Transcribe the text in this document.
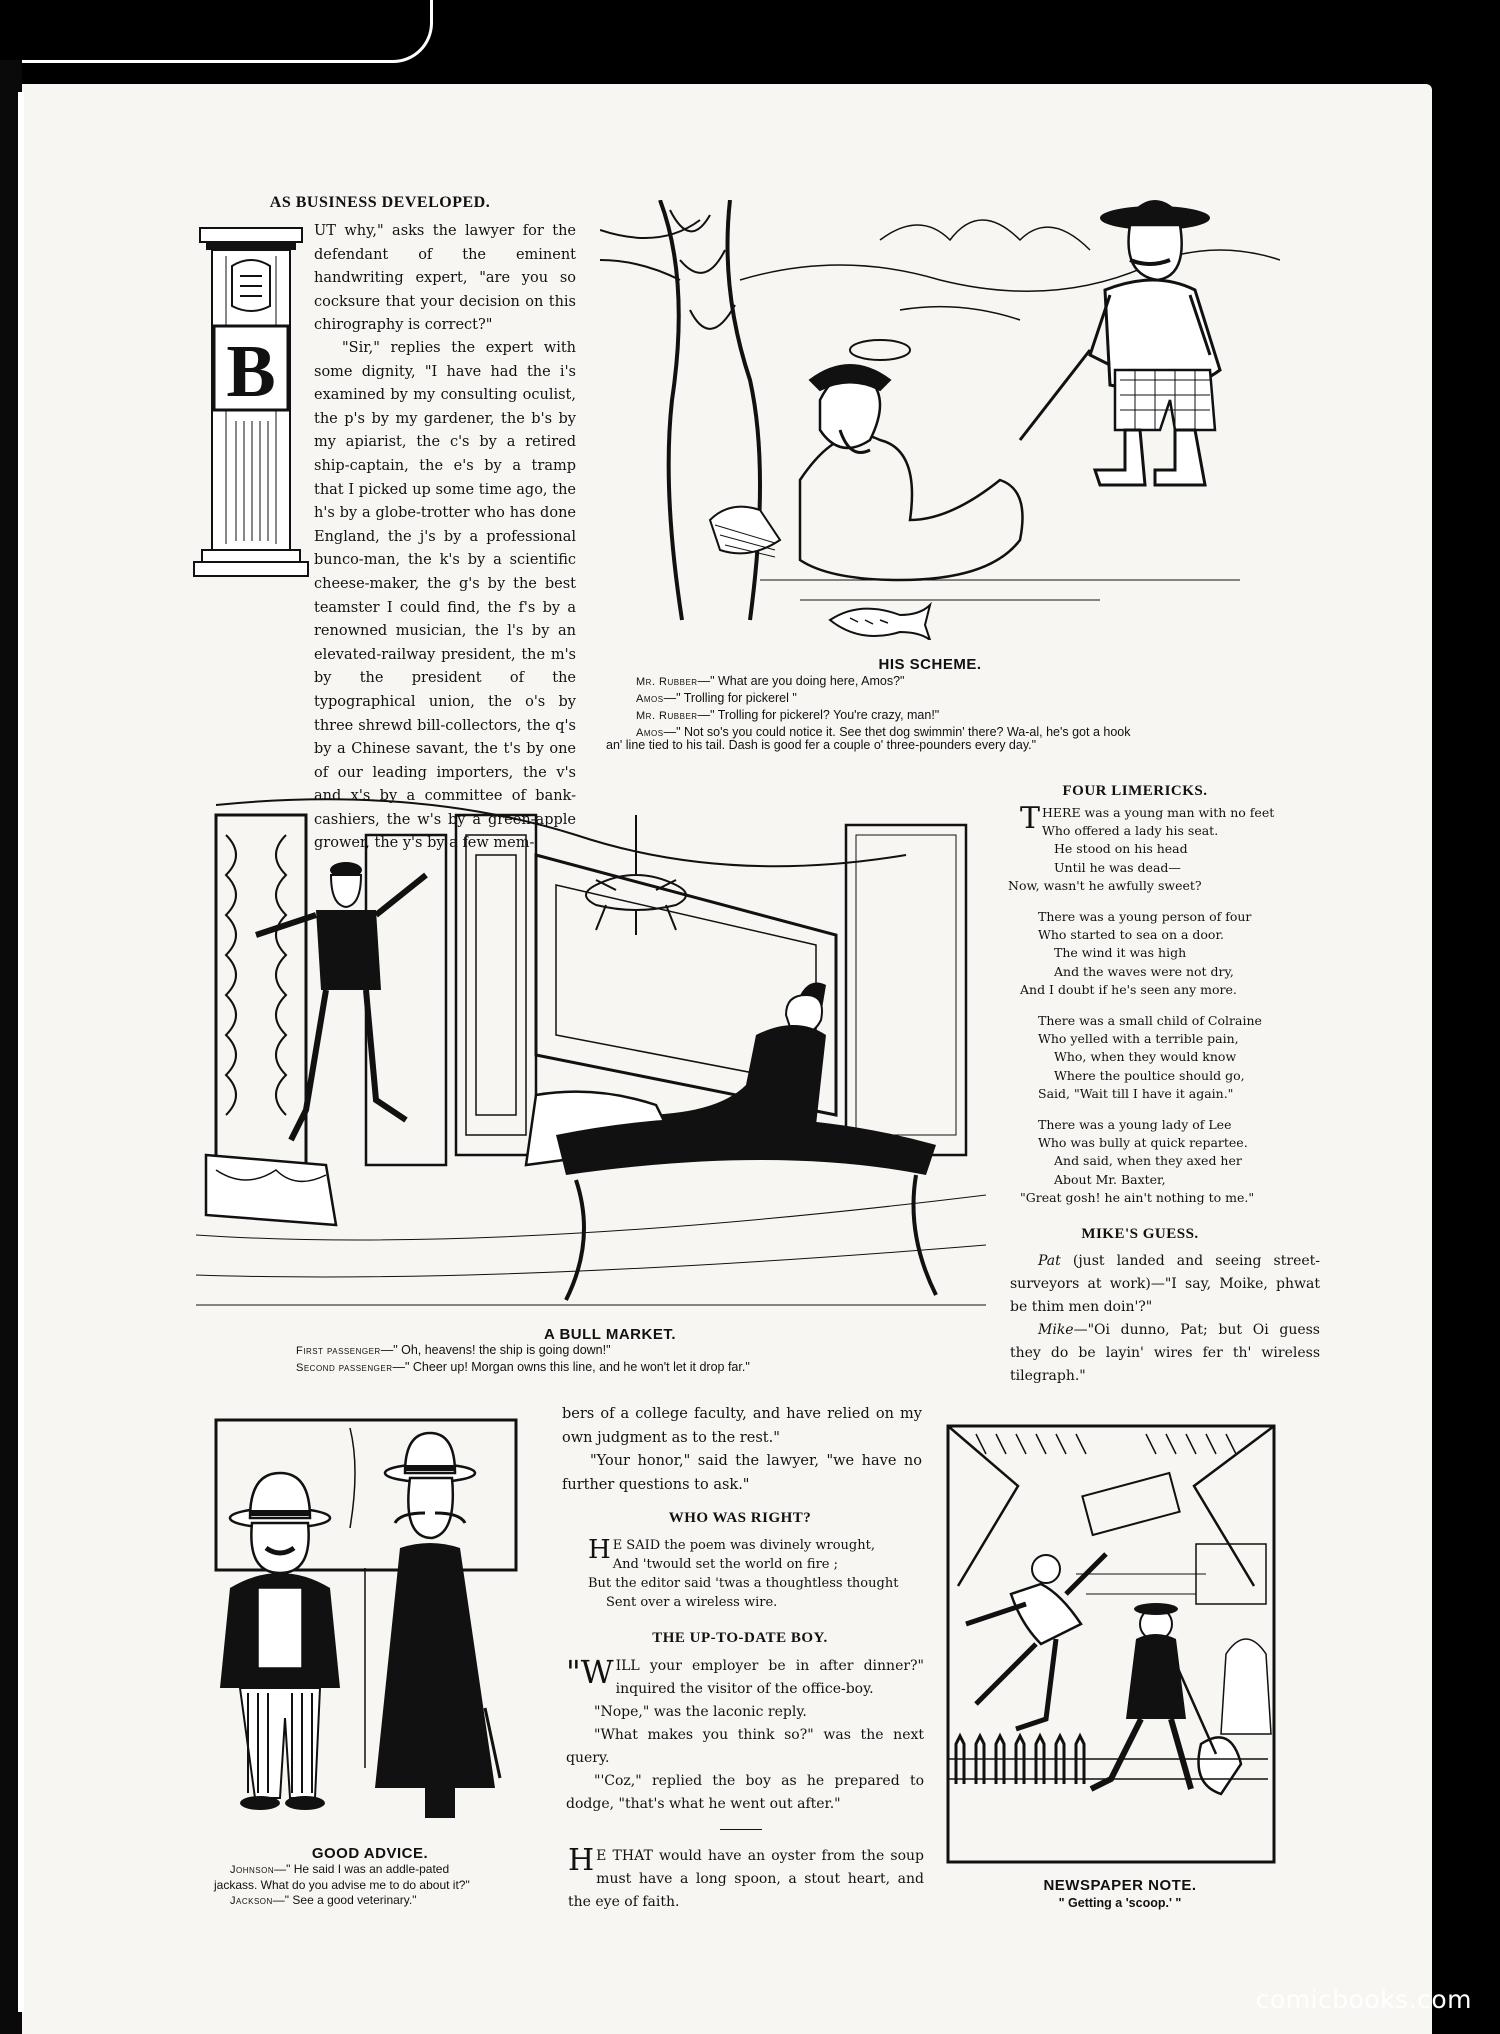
AS BUSINESS DEVELOPED.
B

UT why," asks the lawyer for the defendant of the eminent handwriting expert, "are you so cocksure that your decision on this chirography is correct?"

"Sir," replies the expert with some dignity, "I have had the i's examined by my consulting oculist, the p's by my gardener, the b's by my apiarist, the c's by a retired ship-captain, the e's by a tramp that I picked up some time ago, the h's by a globe-trotter who has done England, the j's by a professional bunco-man, the k's by a scientific cheese-maker, the g's by the best teamster I could find, the f's by a renowned musician, the l's by an elevated-railway president, the m's by the president of the typographical union, the o's by three shrewd bill-collectors, the q's by a Chinese savant, the t's by one of our leading importers, the v's and x's by a committee of bank-cashiers, the w's by a green-apple grower, the y's by a few mem-

HIS SCHEME.
Mr. Rubber—" What are you doing here, Amos?"
Amos—" Trolling for pickerel "
Mr. Rubber—" Trolling for pickerel? You're crazy, man!"
Amos—" Not so's you could notice it. See thet dog swimmin' there? Wa-al, he's got a hook
an' line tied to his tail. Dash is good fer a couple o' three-pounders every day."
A BULL MARKET.
First passenger—" Oh, heavens! the ship is going down!"
Second passenger—" Cheer up! Morgan owns this line, and he won't let it drop far."
FOUR LIMERICKS.

THERE was a young man with no feet

Who offered a lady his seat.

He stood on his head

Until he was dead—

Now, wasn't he awfully sweet?

There was a young person of four

Who started to sea on a door.

The wind it was high

And the waves were not dry,

And I doubt if he's seen any more.

There was a small child of Colraine

Who yelled with a terrible pain,

Who, when they would know

Where the poultice should go,

Said, "Wait till I have it again."

There was a young lady of Lee

Who was bully at quick repartee.

And said, when they axed her

About Mr. Baxter,

"Great gosh! he ain't nothing to me."

MIKE'S GUESS.

Pat (just landed and seeing street-surveyors at work)—"I say, Moike, phwat be thim men doin'?"

Mike—"Oi dunno, Pat; but Oi guess they do be layin' wires fer th' wireless tilegraph."

GOOD ADVICE.
Johnson—" He said I was an addle-pated
jackass. What do you advise me to do about it?"
Jackson—" See a good veterinary."

bers of a college faculty, and have relied on my own judgment as to the rest."

"Your honor," said the lawyer, "we have no further questions to ask."

WHO WAS RIGHT?

H E SAID the poem was divinely wrought,

And 'twould set the world on fire ;

But the editor said 'twas a thoughtless thought

Sent over a wireless wire.

THE UP-TO-DATE BOY.

"WILL your employer be in after dinner?" inquired the visitor of the office-boy.

"Nope," was the laconic reply.

"What makes you think so?" was the next query.

"'Coz," replied the boy as he prepared to dodge, "that's what he went out after."

H E THAT would have an oyster from the soup must have a long spoon, a stout heart, and the eye of faith.

NEWSPAPER NOTE.
" Getting a 'scoop.' "
comicbooks.com
